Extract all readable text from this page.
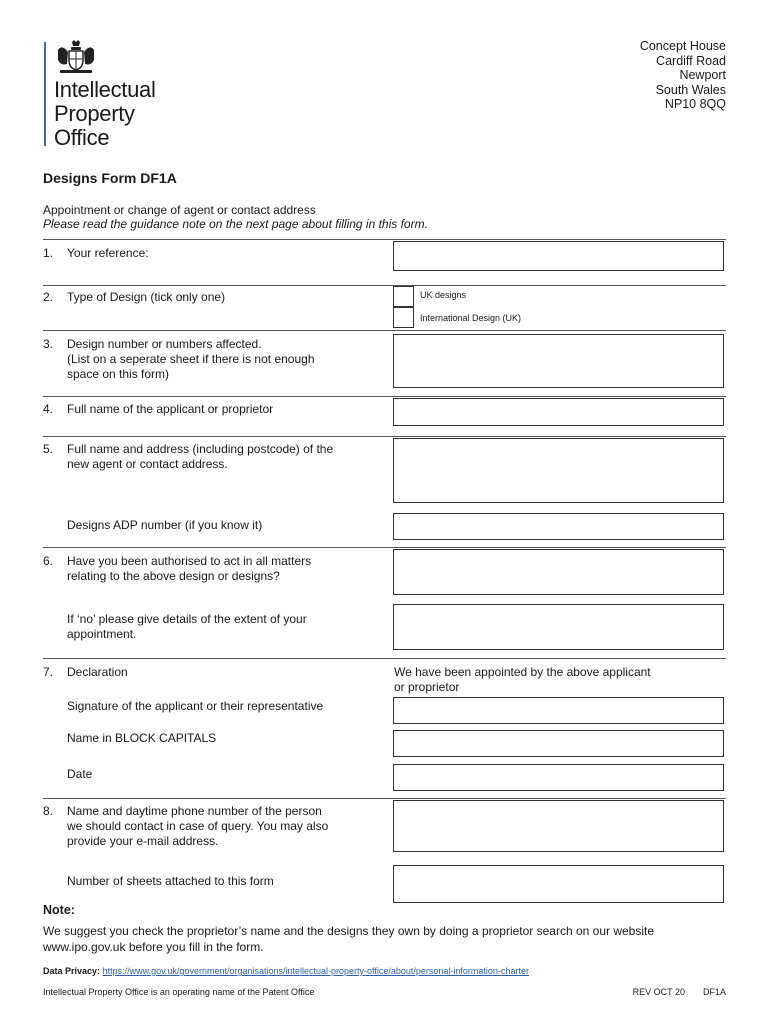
Intellectual
Property
Office
Concept House
Cardiff Road
Newport
South Wales
NP10 8QQ
Designs Form DF1A
Appointment or change of agent or contact address
Please read the guidance note on the next page about filling in this form.
1. Your reference:
2. Type of Design (tick only one)	UK designs
International Design (UK)
3. Design number or numbers affected.
(List on a seperate sheet if there is not enough
space on this form)
4. Full name of the applicant or proprietor
5. Full name and address (including postcode) of the
new agent or contact address.
Designs ADP number (if you know it)
6. Have you been authorised to act in all matters
relating to the above design or designs?
If ‘no’ please give details of the extent of your
appointment.
7. Declaration	We have been appointed by the above applicant
or proprietor
Signature of the applicant or their representative
Name in BLOCK CAPITALS
Date
8. Name and daytime phone number of the person
we should contact in case of query. You may also
provide your e-mail address.
Number of sheets attached to this form
Note:
We suggest you check the proprietor’s name and the designs they own by doing a proprietor search on our website www.ipo.gov.uk before you fill in the form.
Data Privacy: https://www.gov.uk/government/organisations/intellectual-property-office/about/personal-information-charter
Intellectual Property Office is an operating name of the Patent Office	REV OCT 20 DF1A
